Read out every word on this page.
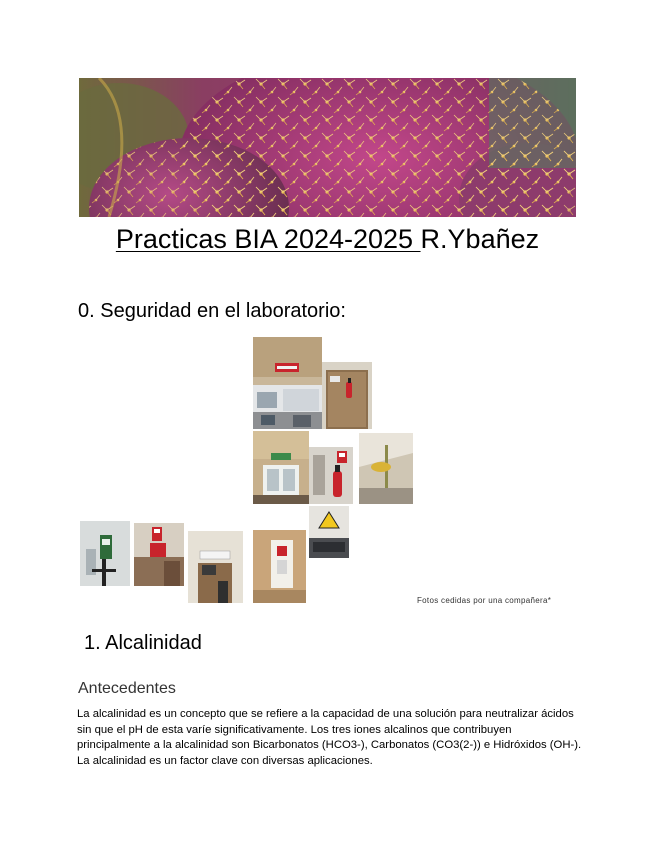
Practicas BIA 2024-2025 R.Ybañez
0. Seguridad en el laboratorio:
Fotos cedidas por una compañera*
1. Alcalinidad
Antecedentes
La alcalinidad es un concepto que se refiere a la capacidad de una solución para neutralizar ácidos sin que el pH de esta varíe significativamente. Los tres iones alcalinos que contribuyen principalmente a la alcalinidad son Bicarbonatos (HCO3-), Carbonatos (CO3(2-)) e Hidróxidos (OH-). La alcalinidad es un factor clave con diversas aplicaciones.
